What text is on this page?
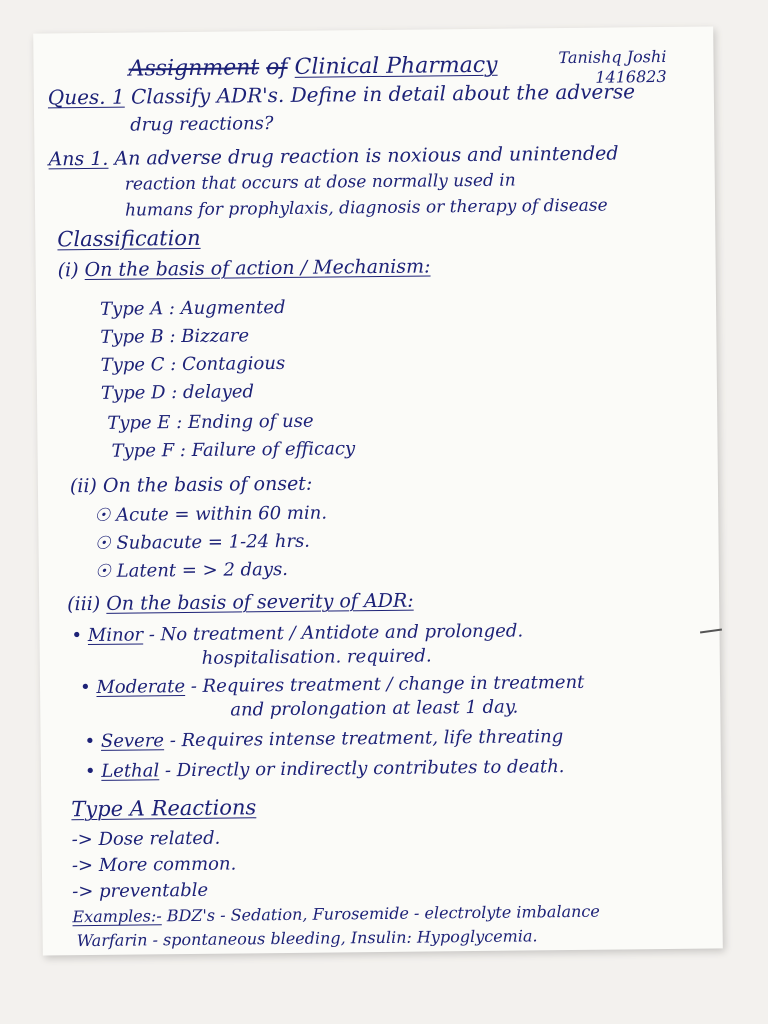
Assignment of Clinical Pharmacy	Tanishq Joshi
1416823
Ques. 1 Classify ADR's. Define in detail about the adverse
drug reactions?
Ans 1. An adverse drug reaction is noxious and unintended
reaction that occurs at dose normally used in
humans for prophylaxis, diagnosis or therapy of disease
Classification
(i) On the basis of action / Mechanism:
Type A : Augmented
Type B : Bizzare
Type C : Contagious
Type D : delayed
Type E : Ending of use
Type F : Failure of efficacy
(ii) On the basis of onset:
☉ Acute = within 60 min.
☉ Subacute = 1-24 hrs.
☉ Latent = > 2 days.
(iii) On the basis of severity of ADR:
• Minor - No treatment / Antidote and prolonged.
hospitalisation. required.
• Moderate - Requires treatment / change in treatment
and prolongation at least 1 day.
• Severe - Requires intense treatment, life threating
• Lethal - Directly or indirectly contributes to death.
Type A Reactions
-> Dose related.
-> More common.
-> preventable
Examples:- BDZ's - Sedation, Furosemide - electrolyte imbalance
Warfarin - spontaneous bleeding, Insulin: Hypoglycemia.
